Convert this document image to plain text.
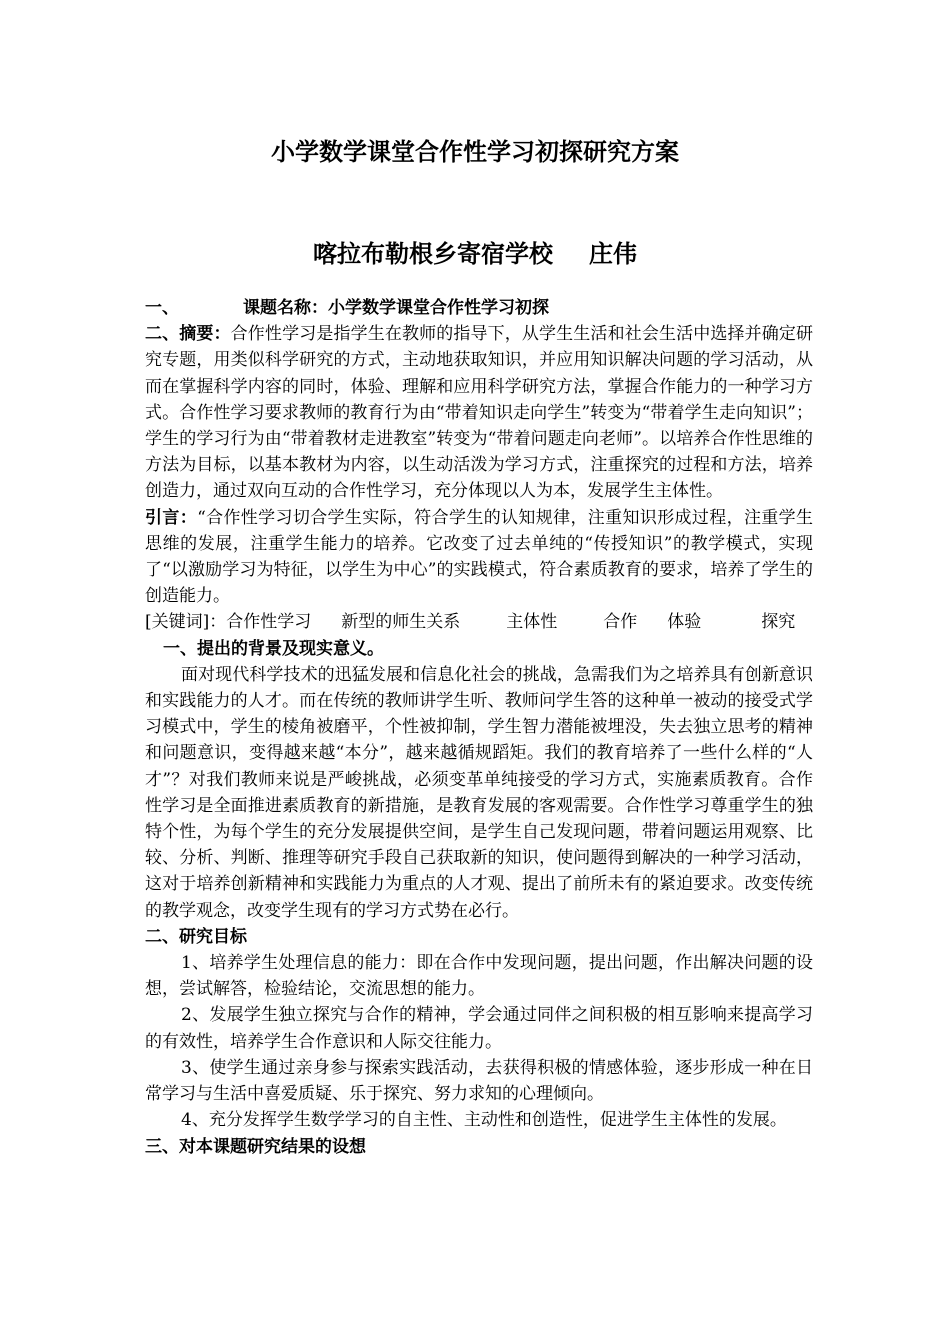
小学数学课堂合作性学习初探研究方案
喀拉布勒根乡寄宿学校 庄伟

一、	课题名称：小学数学课堂合作性学习初探

二、摘要：合作性学习是指学生在教师的指导下，从学生生活和社会生活中选择并确定研究专题，用类似科学研究的方式，主动地获取知识，并应用知识解决问题的学习活动，从而在掌握科学内容的同时，体验、理解和应用科学研究方法，掌握合作能力的一种学习方式。合作性学习要求教师的教育行为由“带着知识走向学生”转变为“带着学生走向知识”；学生的学习行为由“带着教材走进教室”转变为“带着问题走向老师”。以培养合作性思维的方法为目标，以基本教材为内容，以生动活泼为学习方式，注重探究的过程和方法，培养创造力，通过双向互动的合作性学习，充分体现以人为本，发展学生主体性。

引言：“合作性学习切合学生实际，符合学生的认知规律，注重知识形成过程，注重学生思维的发展，注重学生能力的培养。它改变了过去单纯的“传授知识”的教学模式，实现了“以激励学习为特征，以学生为中心”的实践模式，符合素质教育的要求，培养了学生的创造能力。

[关键词]：合作性学习 新型的师生关系	主体性	合作 体验	探究

一、提出的背景及现实意义。

面对现代科学技术的迅猛发展和信息化社会的挑战，急需我们为之培养具有创新意识和实践能力的人才。而在传统的教师讲学生听、教师问学生答的这种单一被动的接受式学习模式中，学生的棱角被磨平，个性被抑制，学生智力潜能被埋没，失去独立思考的精神和问题意识，变得越来越“本分”，越来越循规蹈矩。我们的教育培养了一些什么样的“人才”？对我们教师来说是严峻挑战，必须变革单纯接受的学习方式，实施素质教育。合作性学习是全面推进素质教育的新措施，是教育发展的客观需要。合作性学习尊重学生的独特个性，为每个学生的充分发展提供空间，是学生自己发现问题，带着问题运用观察、比较、分析、判断、推理等研究手段自己获取新的知识，使问题得到解决的一种学习活动，这对于培养创新精神和实践能力为重点的人才观、提出了前所未有的紧迫要求。改变传统的教学观念，改变学生现有的学习方式势在必行。

二、研究目标

1、培养学生处理信息的能力：即在合作中发现问题，提出问题，作出解决问题的设想，尝试解答，检验结论，交流思想的能力。

2、发展学生独立探究与合作的精神，学会通过同伴之间积极的相互影响来提高学习的有效性，培养学生合作意识和人际交往能力。

3、使学生通过亲身参与探索实践活动，去获得积极的情感体验，逐步形成一种在日常学习与生活中喜爱质疑、乐于探究、努力求知的心理倾向。

4、充分发挥学生数学学习的自主性、主动性和创造性，促进学生主体性的发展。

三、对本课题研究结果的设想
